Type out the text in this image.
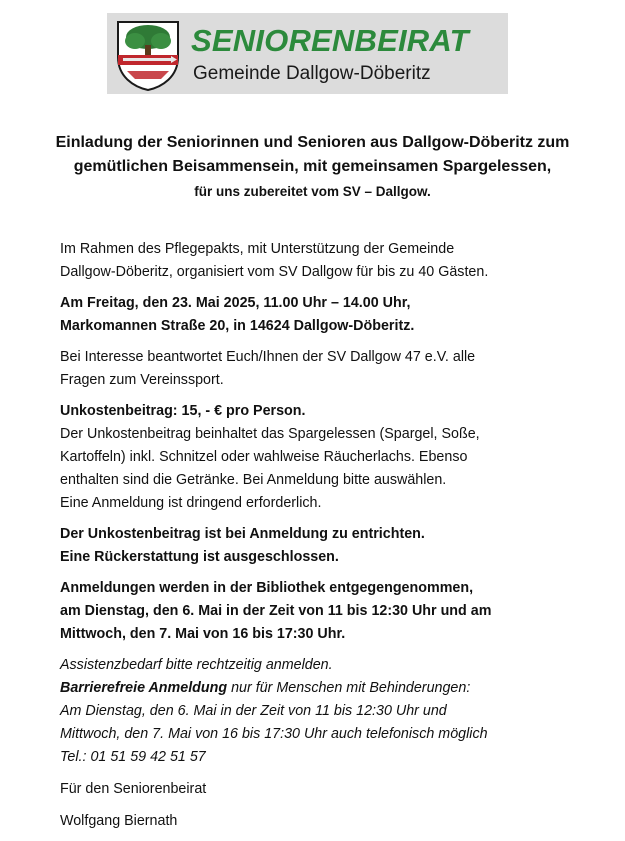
SENIORENBEIRAT
Gemeinde Dallgow-Döberitz
Einladung der Seniorinnen und Senioren aus Dallgow-Döberitz zum
gemütlichen Beisammensein, mit gemeinsamen Spargelessen,
für uns zubereitet vom SV – Dallgow.

Im Rahmen des Pflegepakts, mit Unterstützung der Gemeinde
Dallgow-Döberitz, organisiert vom SV Dallgow für bis zu 40 Gästen.

Am Freitag, den 23. Mai 2025, 11.00 Uhr – 14.00 Uhr,
Markomannen Straße 20, in 14624 Dallgow-Döberitz.

Bei Interesse beantwortet Euch/Ihnen der SV Dallgow 47 e.V. alle
Fragen zum Vereinssport.

Unkostenbeitrag: 15, - € pro Person.
Der Unkostenbeitrag beinhaltet das Spargelessen (Spargel, Soße,
Kartoffeln) inkl. Schnitzel oder wahlweise Räucherlachs. Ebenso
enthalten sind die Getränke. Bei Anmeldung bitte auswählen.
Eine Anmeldung ist dringend erforderlich.

Der Unkostenbeitrag ist bei Anmeldung zu entrichten.
Eine Rückerstattung ist ausgeschlossen.

Anmeldungen werden in der Bibliothek entgegengenommen,
am Dienstag, den 6. Mai in der Zeit von 11 bis 12:30 Uhr und am
Mittwoch, den 7. Mai von 16 bis 17:30 Uhr.

Assistenzbedarf bitte rechtzeitig anmelden.
Barrierefreie Anmeldung nur für Menschen mit Behinderungen:
Am Dienstag, den 6. Mai in der Zeit von 11 bis 12:30 Uhr und
Mittwoch, den 7. Mai von 16 bis 17:30 Uhr auch telefonisch möglich
Tel.: 01 51 59 42 51 57

Für den Seniorenbeirat

Wolfgang Biernath
